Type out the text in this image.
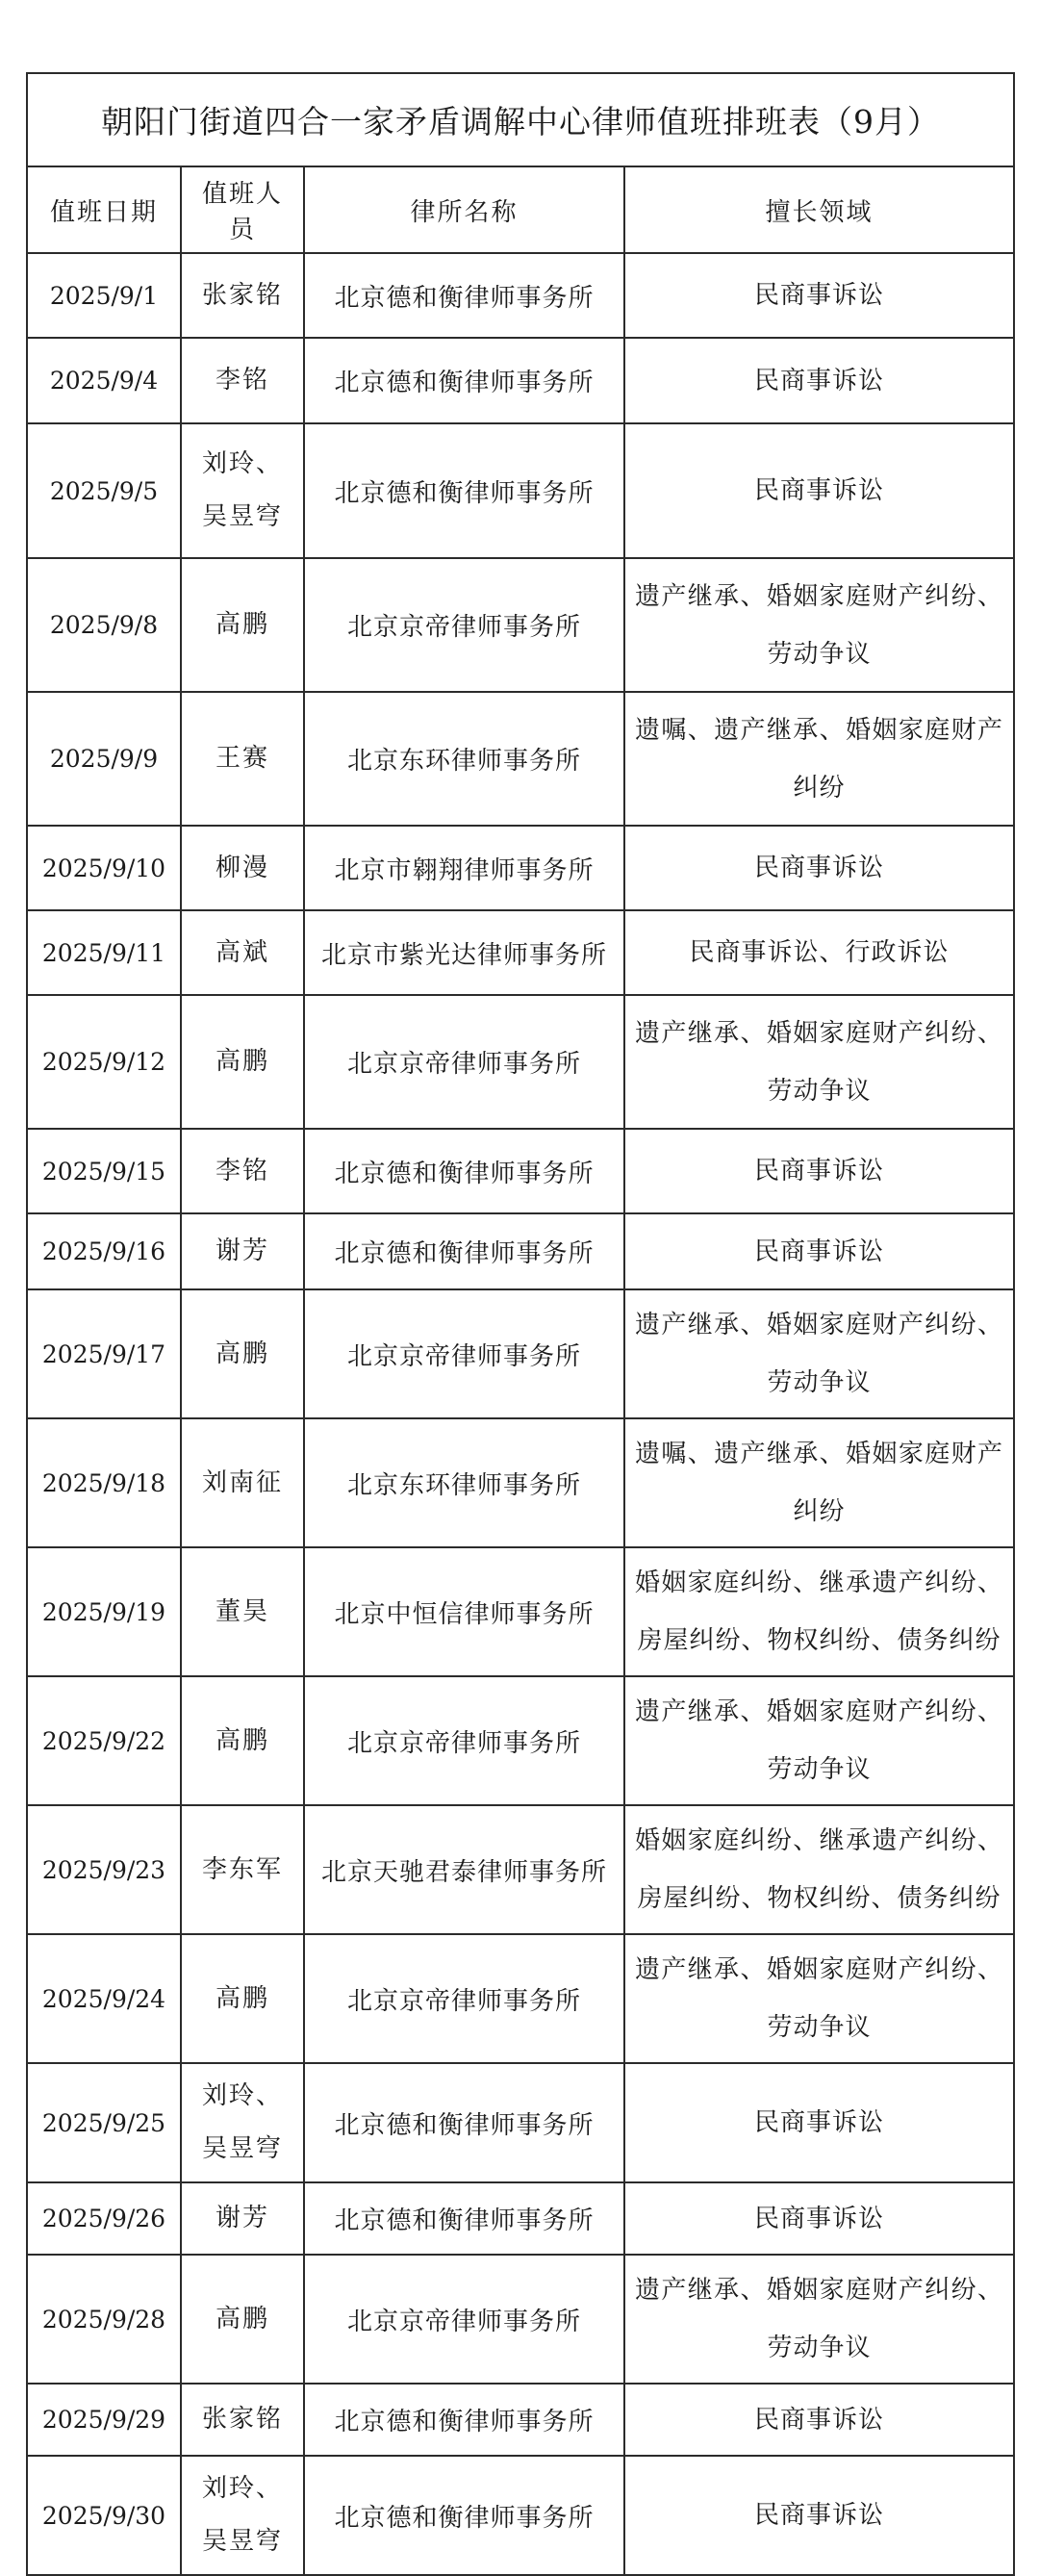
朝阳门街道四合一家矛盾调解中心律师值班排班表（9月）			
值班日期	值班人员	律所名称	擅长领域
2025/9/1	张家铭	北京德和衡律师事务所	民商事诉讼
2025/9/4	李铭	北京德和衡律师事务所	民商事诉讼
2025/9/5	刘玲、吴昱穹	北京德和衡律师事务所	民商事诉讼
2025/9/8	高鹏	北京京帝律师事务所	遗产继承、婚姻家庭财产纠纷、劳动争议
2025/9/9	王赛	北京东环律师事务所	遗嘱、遗产继承、婚姻家庭财产纠纷
2025/9/10	柳漫	北京市翱翔律师事务所	民商事诉讼
2025/9/11	高斌	北京市紫光达律师事务所	民商事诉讼、行政诉讼
2025/9/12	高鹏	北京京帝律师事务所	遗产继承、婚姻家庭财产纠纷、劳动争议
2025/9/15	李铭	北京德和衡律师事务所	民商事诉讼
2025/9/16	谢芳	北京德和衡律师事务所	民商事诉讼
2025/9/17	高鹏	北京京帝律师事务所	遗产继承、婚姻家庭财产纠纷、劳动争议
2025/9/18	刘南征	北京东环律师事务所	遗嘱、遗产继承、婚姻家庭财产纠纷
2025/9/19	董昊	北京中恒信律师事务所	婚姻家庭纠纷、继承遗产纠纷、房屋纠纷、物权纠纷、债务纠纷
2025/9/22	高鹏	北京京帝律师事务所	遗产继承、婚姻家庭财产纠纷、劳动争议
2025/9/23	李东军	北京天驰君泰律师事务所	婚姻家庭纠纷、继承遗产纠纷、房屋纠纷、物权纠纷、债务纠纷
2025/9/24	高鹏	北京京帝律师事务所	遗产继承、婚姻家庭财产纠纷、劳动争议
2025/9/25	刘玲、吴昱穹	北京德和衡律师事务所	民商事诉讼
2025/9/26	谢芳	北京德和衡律师事务所	民商事诉讼
2025/9/28	高鹏	北京京帝律师事务所	遗产继承、婚姻家庭财产纠纷、劳动争议
2025/9/29	张家铭	北京德和衡律师事务所	民商事诉讼
2025/9/30	刘玲、吴昱穹	北京德和衡律师事务所	民商事诉讼
